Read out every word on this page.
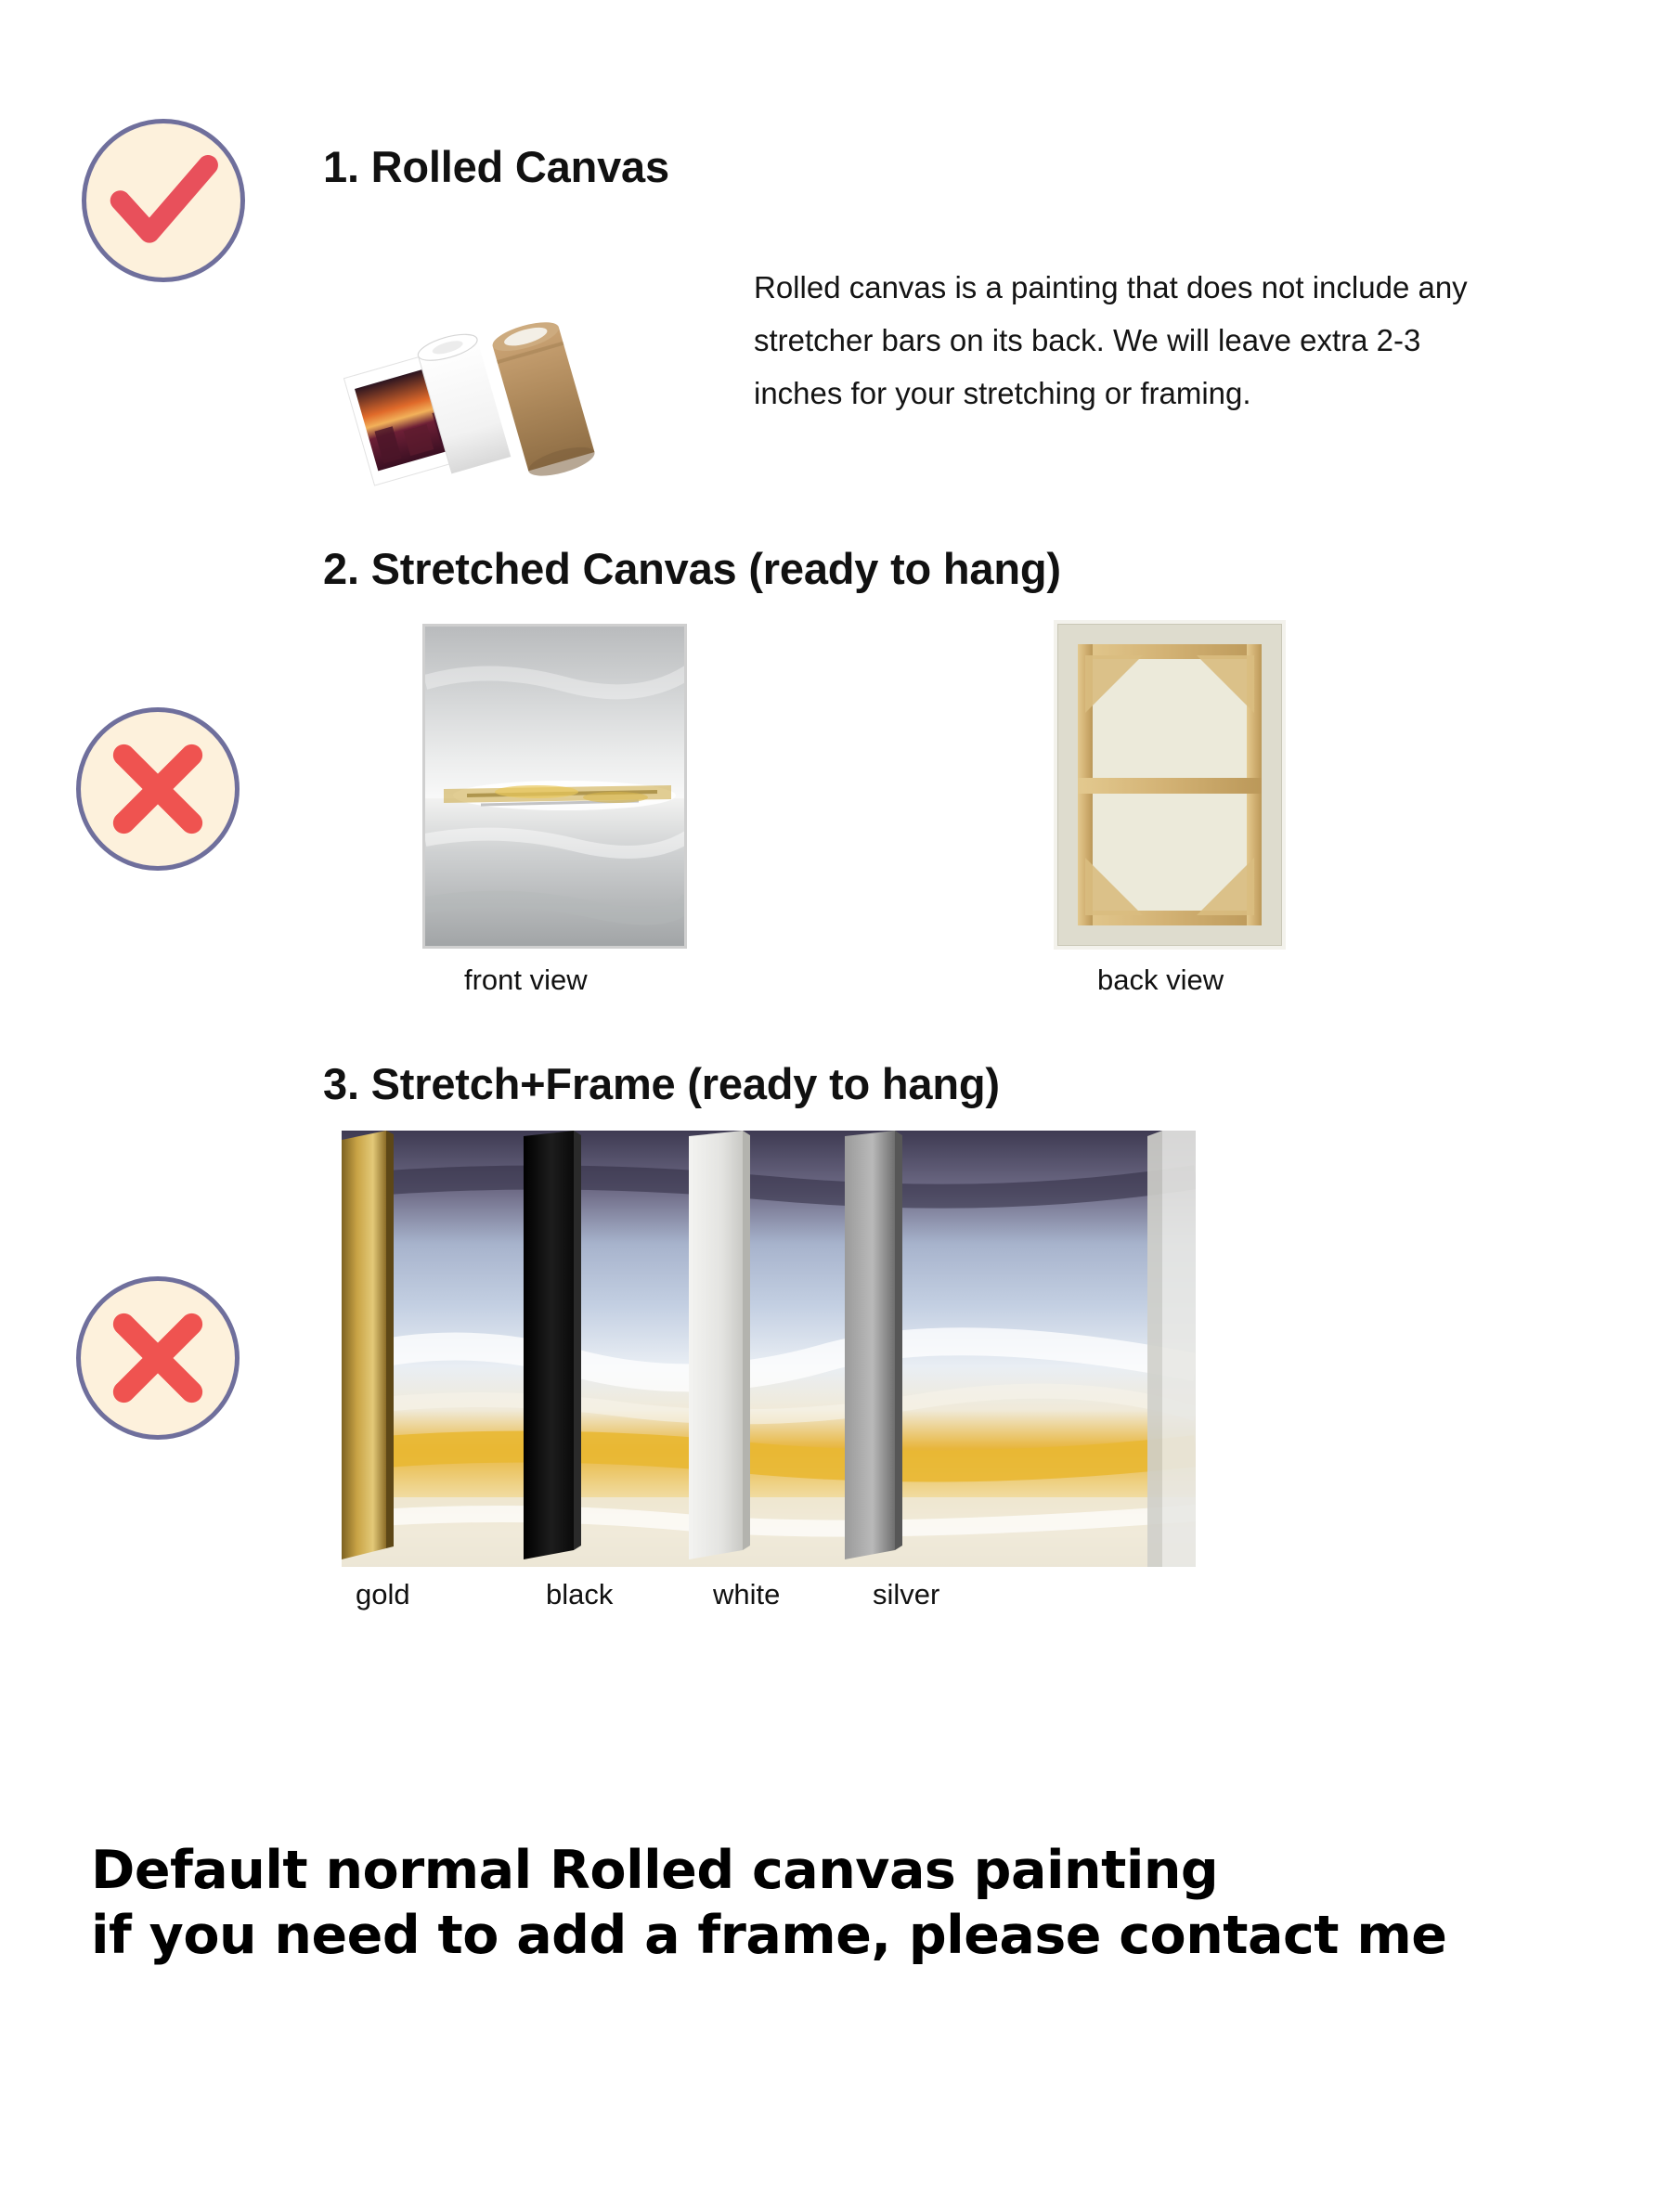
1. Rolled Canvas
Rolled canvas is a painting that does not include any stretcher bars on its back. We will leave extra 2-3 inches for your stretching or framing.
2. Stretched Canvas (ready to hang)
front view	back view
3. Stretch+Frame (ready to hang)
gold	black	white	silver
Default normal Rolled canvas painting
if you need to add a frame, please contact me
